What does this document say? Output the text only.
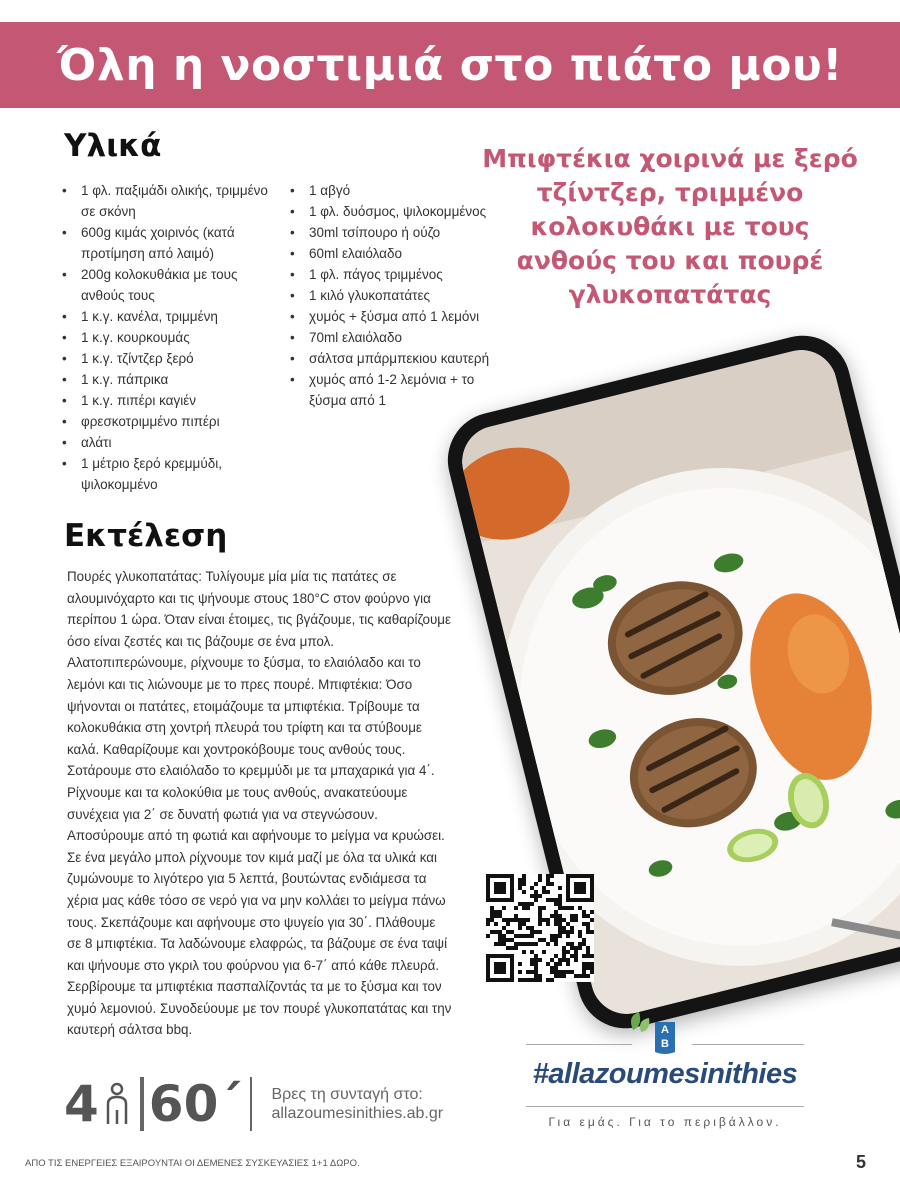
Όλη η νοστιμιά στο πιάτο μου!
Υλικά
• 1 φλ. παξιμάδι ολικής, τριμμένο σε σκόνη
• 600g κιμάς χοιρινός (κατά προτίμηση από λαιμό)
• 200g κολοκυθάκια με τους ανθούς τους
• 1 κ.γ. κανέλα, τριμμένη
• 1 κ.γ. κουρκουμάς
• 1 κ.γ. τζίντζερ ξερό
• 1 κ.γ. πάπρικα
• 1 κ.γ. πιπέρι καγιέν
• φρεσκοτριμμένο πιπέρι
• αλάτι
• 1 μέτριο ξερό κρεμμύδι, ψιλοκομμένο
• 1 αβγό
• 1 φλ. δυόσμος, ψιλοκομμένος
• 30ml τσίπουρο ή ούζο
• 60ml ελαιόλαδο
• 1 φλ. πάγος τριμμένος
• 1 κιλό γλυκοπατάτες
• χυμός + ξύσμα από 1 λεμόνι
• 70ml ελαιόλαδο
• σάλτσα μπάρμπεκιου καυτερή
• χυμός από 1-2 λεμόνια + το ξύσμα από 1
Μπιφτέκια χοιρινά με ξερό τζίντζερ, τριμμένο κολοκυθάκι με τους ανθούς του και πουρέ γλυκοπατάτας
Εκτέλεση

Πουρές γλυκοπατάτας: Τυλίγουμε μία μία τις πατάτες σε αλουμινόχαρτο και τις ψήνουμε στους 180°C στον φούρνο για περίπου 1 ώρα. Όταν είναι έτοιμες, τις βγάζουμε, τις καθαρίζουμε όσο είναι ζεστές και τις βάζουμε σε ένα μπολ. Αλατοπιπερώνουμε, ρίχνουμε το ξύσμα, το ελαιόλαδο και το λεμόνι και τις λιώνουμε με το πρες πουρέ. Μπιφτέκια: Όσο ψήνονται οι πατάτες, ετοιμάζουμε τα μπιφτέκια. Τρίβουμε τα κολοκυθάκια στη χοντρή πλευρά του τρίφτη και τα στύβουμε καλά. Καθαρίζουμε και χοντροκόβουμε τους ανθούς τους. Σοτάρουμε στο ελαιόλαδο το κρεμμύδι με τα μπαχαρικά για 4΄. Ρίχνουμε και τα κολοκύθια με τους ανθούς, ανακατεύουμε συνέχεια για 2΄ σε δυνατή φωτιά για να στεγνώσουν. Αποσύρουμε από τη φωτιά και αφήνουμε το μείγμα να κρυώσει. Σε ένα μεγάλο μπολ ρίχνουμε τον κιμά μαζί με όλα τα υλικά και ζυμώνουμε το λιγότερο για 5 λεπτά, βουτώντας ενδιάμεσα τα χέρια μας κάθε τόσο σε νερό για να μην κολλάει το μείγμα πάνω τους. Σκεπάζουμε και αφήνουμε στο ψυγείο για 30΄. Πλάθουμε σε 8 μπιφτέκια. Τα λαδώνουμε ελαφρώς, τα βάζουμε σε ένα ταψί και ψήνουμε στο γκριλ του φούρνου για 6-7΄ από κάθε πλευρά. Σερβίρουμε τα μπιφτέκια πασπαλίζοντάς τα με το ξύσμα και τον χυμό λεμονιού. Συνοδεύουμε με τον πουρέ γλυκοπατάτας και την καυτερή σάλτσα bbq.

4 60΄ Βρες τη συνταγή στο:
allazoumesinithies.ab.gr
Α
Β
#allazoumesinithies
Για εμάς. Για το περιβάλλον.
ΑΠΟ ΤΙΣ ΕΝΕΡΓΕΙΕΣ ΕΞΑΙΡΟΥΝΤΑΙ ΟΙ ΔΕΜΕΝΕΣ ΣΥΣΚΕΥΑΣΙΕΣ 1+1 ΔΩΡΟ.	5
